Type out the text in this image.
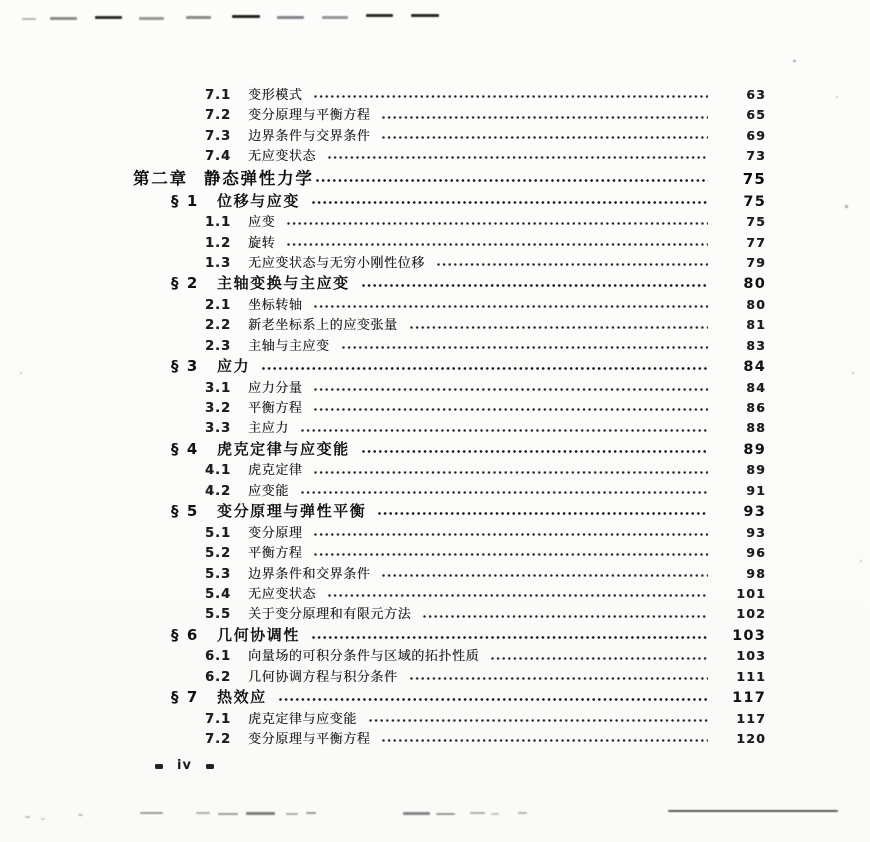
7.1 变形模式	63
7.2 变分原理与平衡方程	65
7.3 边界条件与交界条件	69
7.4 无应变状态	73
第二章 静态弹性力学	75
§ 1 位移与应变	75
1.1 应变	75
1.2 旋转	77
1.3 无应变状态与无穷小刚性位移	79
§ 2 主轴变换与主应变	80
2.1 坐标转轴	80
2.2 新老坐标系上的应变张量	81
2.3 主轴与主应变	83
§ 3 应力	84
3.1 应力分量	84
3.2 平衡方程	86
3.3 主应力	88
§ 4 虎克定律与应变能	89
4.1 虎克定律	89
4.2 应变能	91
§ 5 变分原理与弹性平衡	93
5.1 变分原理	93
5.2 平衡方程	96
5.3 边界条件和交界条件	98
5.4 无应变状态	101
5.5 关于变分原理和有限元方法	102
§ 6 几何协调性	103
6.1 向量场的可积分条件与区域的拓扑性质	103
6.2 几何协调方程与积分条件	111
§ 7 热效应	117
7.1 虎克定律与应变能	117
7.2 变分原理与平衡方程	120
iv
